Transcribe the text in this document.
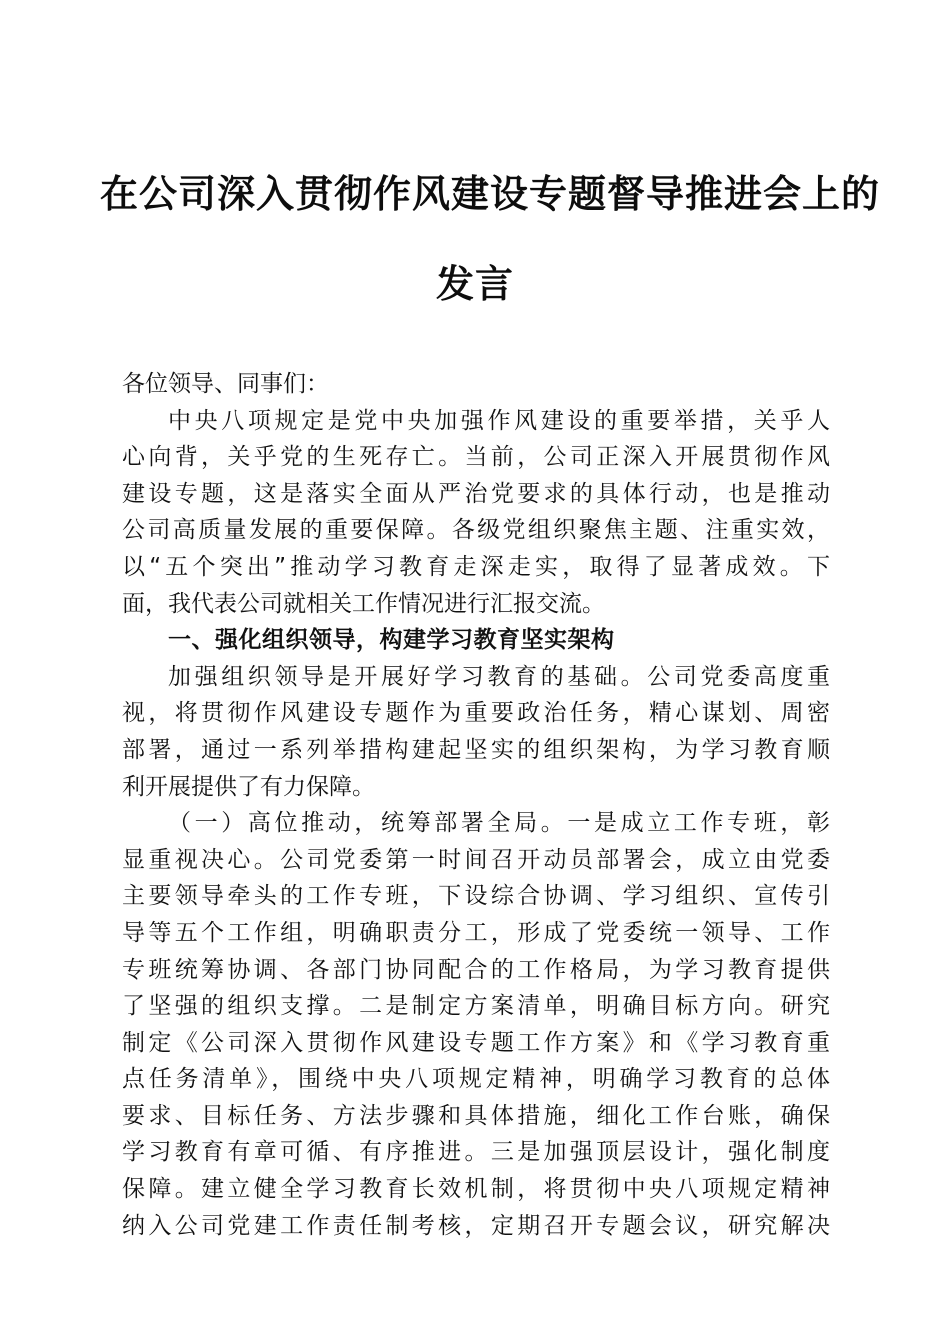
在公司深入贯彻作风建设专题督导推进会上的
发言
各位领导、同事们：
中央八项规定是党中央加强作风建设的重要举措，关乎人
心向背，关乎党的生死存亡。当前，公司正深入开展贯彻作风
建设专题，这是落实全面从严治党要求的具体行动，也是推动
公司高质量发展的重要保障。各级党组织聚焦主题、注重实效，
以“五个突出”推动学习教育走深走实，取得了显著成效。下
面，我代表公司就相关工作情况进行汇报交流。
一、强化组织领导，构建学习教育坚实架构
加强组织领导是开展好学习教育的基础。公司党委高度重
视，将贯彻作风建设专题作为重要政治任务，精心谋划、周密
部署，通过一系列举措构建起坚实的组织架构，为学习教育顺
利开展提供了有力保障。
（一）高位推动，统筹部署全局。一是成立工作专班，彰
显重视决心。公司党委第一时间召开动员部署会，成立由党委
主要领导牵头的工作专班，下设综合协调、学习组织、宣传引
导等五个工作组，明确职责分工，形成了党委统一领导、工作
专班统筹协调、各部门协同配合的工作格局，为学习教育提供
了坚强的组织支撑。二是制定方案清单，明确目标方向。研究
制定《公司深入贯彻作风建设专题工作方案》和《学习教育重
点任务清单》，围绕中央八项规定精神，明确学习教育的总体
要求、目标任务、方法步骤和具体措施，细化工作台账，确保
学习教育有章可循、有序推进。三是加强顶层设计，强化制度
保障。建立健全学习教育长效机制，将贯彻中央八项规定精神
纳入公司党建工作责任制考核，定期召开专题会议，研究解决
